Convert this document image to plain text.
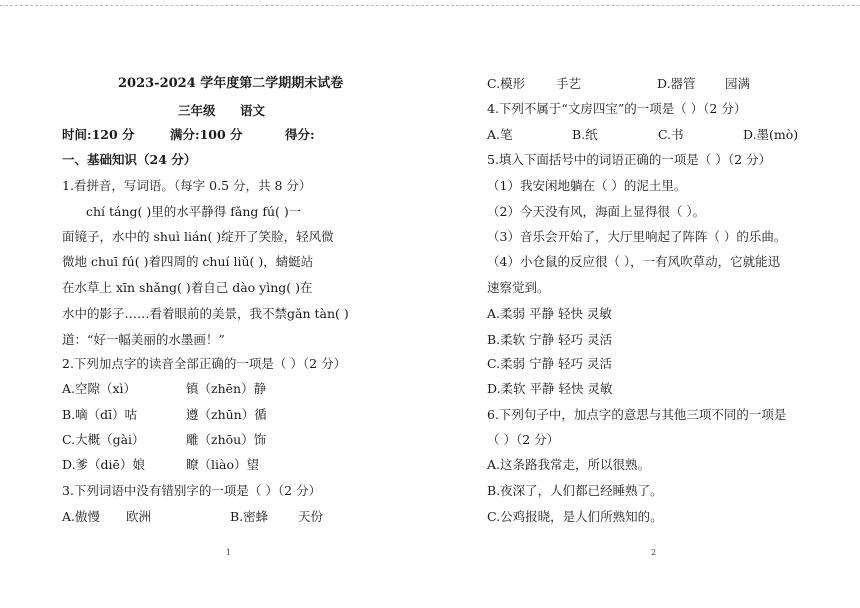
2023-2024 学年度第二学期期末试卷
三年级 语文
时间:120 分	满分:100 分	得分:
一、基础知识（24 分）
1.看拼音，写词语。（每字 0.5 分，共 8 分）
chí táng( )里的水平静得 fǎng fú( )一
面镜子，水中的 shuì lián( )绽开了笑脸，轻风微
微地 chuī fú( )着四周的 chuí liǔ( )，蜻蜓站
在水草上 xīn shǎng( )着自己 dào yìng( )在
水中的影子……看着眼前的美景，我不禁gǎn tàn( )
道：“好一幅美丽的水墨画！”
2.下列加点字的读音全部正确的一项是（ ）（2 分）
A.空隙（xì）	镇（zhēn）静
B.嘀（dī）咕	遵（zhūn）循
C.大概（gài）	雕（zhōu）饰
D.爹（diē）娘	瞭（liào）望
3.下列词语中没有错别字的一项是（ ）（2 分）
A.傲慢 欧洲	B.密蜂 天份
1
C.模形 手艺	D.器管 园满
4.下列不属于“文房四宝”的一项是（ ）（2 分）
A.笔	B.纸	C.书	D.墨(mò)
5.填入下面括号中的词语正确的一项是（ ）（2 分）
（1）我安闲地躺在（ ）的泥土里。
（2）今天没有风，海面上显得很（ ）。
（3）音乐会开始了，大厅里响起了阵阵（ ）的乐曲。
（4）小仓鼠的反应很（ ），一有风吹草动，它就能迅
速察觉到。
A.柔弱 平静 轻快 灵敏
B.柔软 宁静 轻巧 灵活
C.柔弱 宁静 轻巧 灵活
D.柔软 平静 轻快 灵敏
6.下列句子中，加点字的意思与其他三项不同的一项是
（ ）（2 分）
A.这条路我常走，所以很熟。
B.夜深了，人们都已经睡熟了。
C.公鸡报晓，是人们所熟知的。
2
